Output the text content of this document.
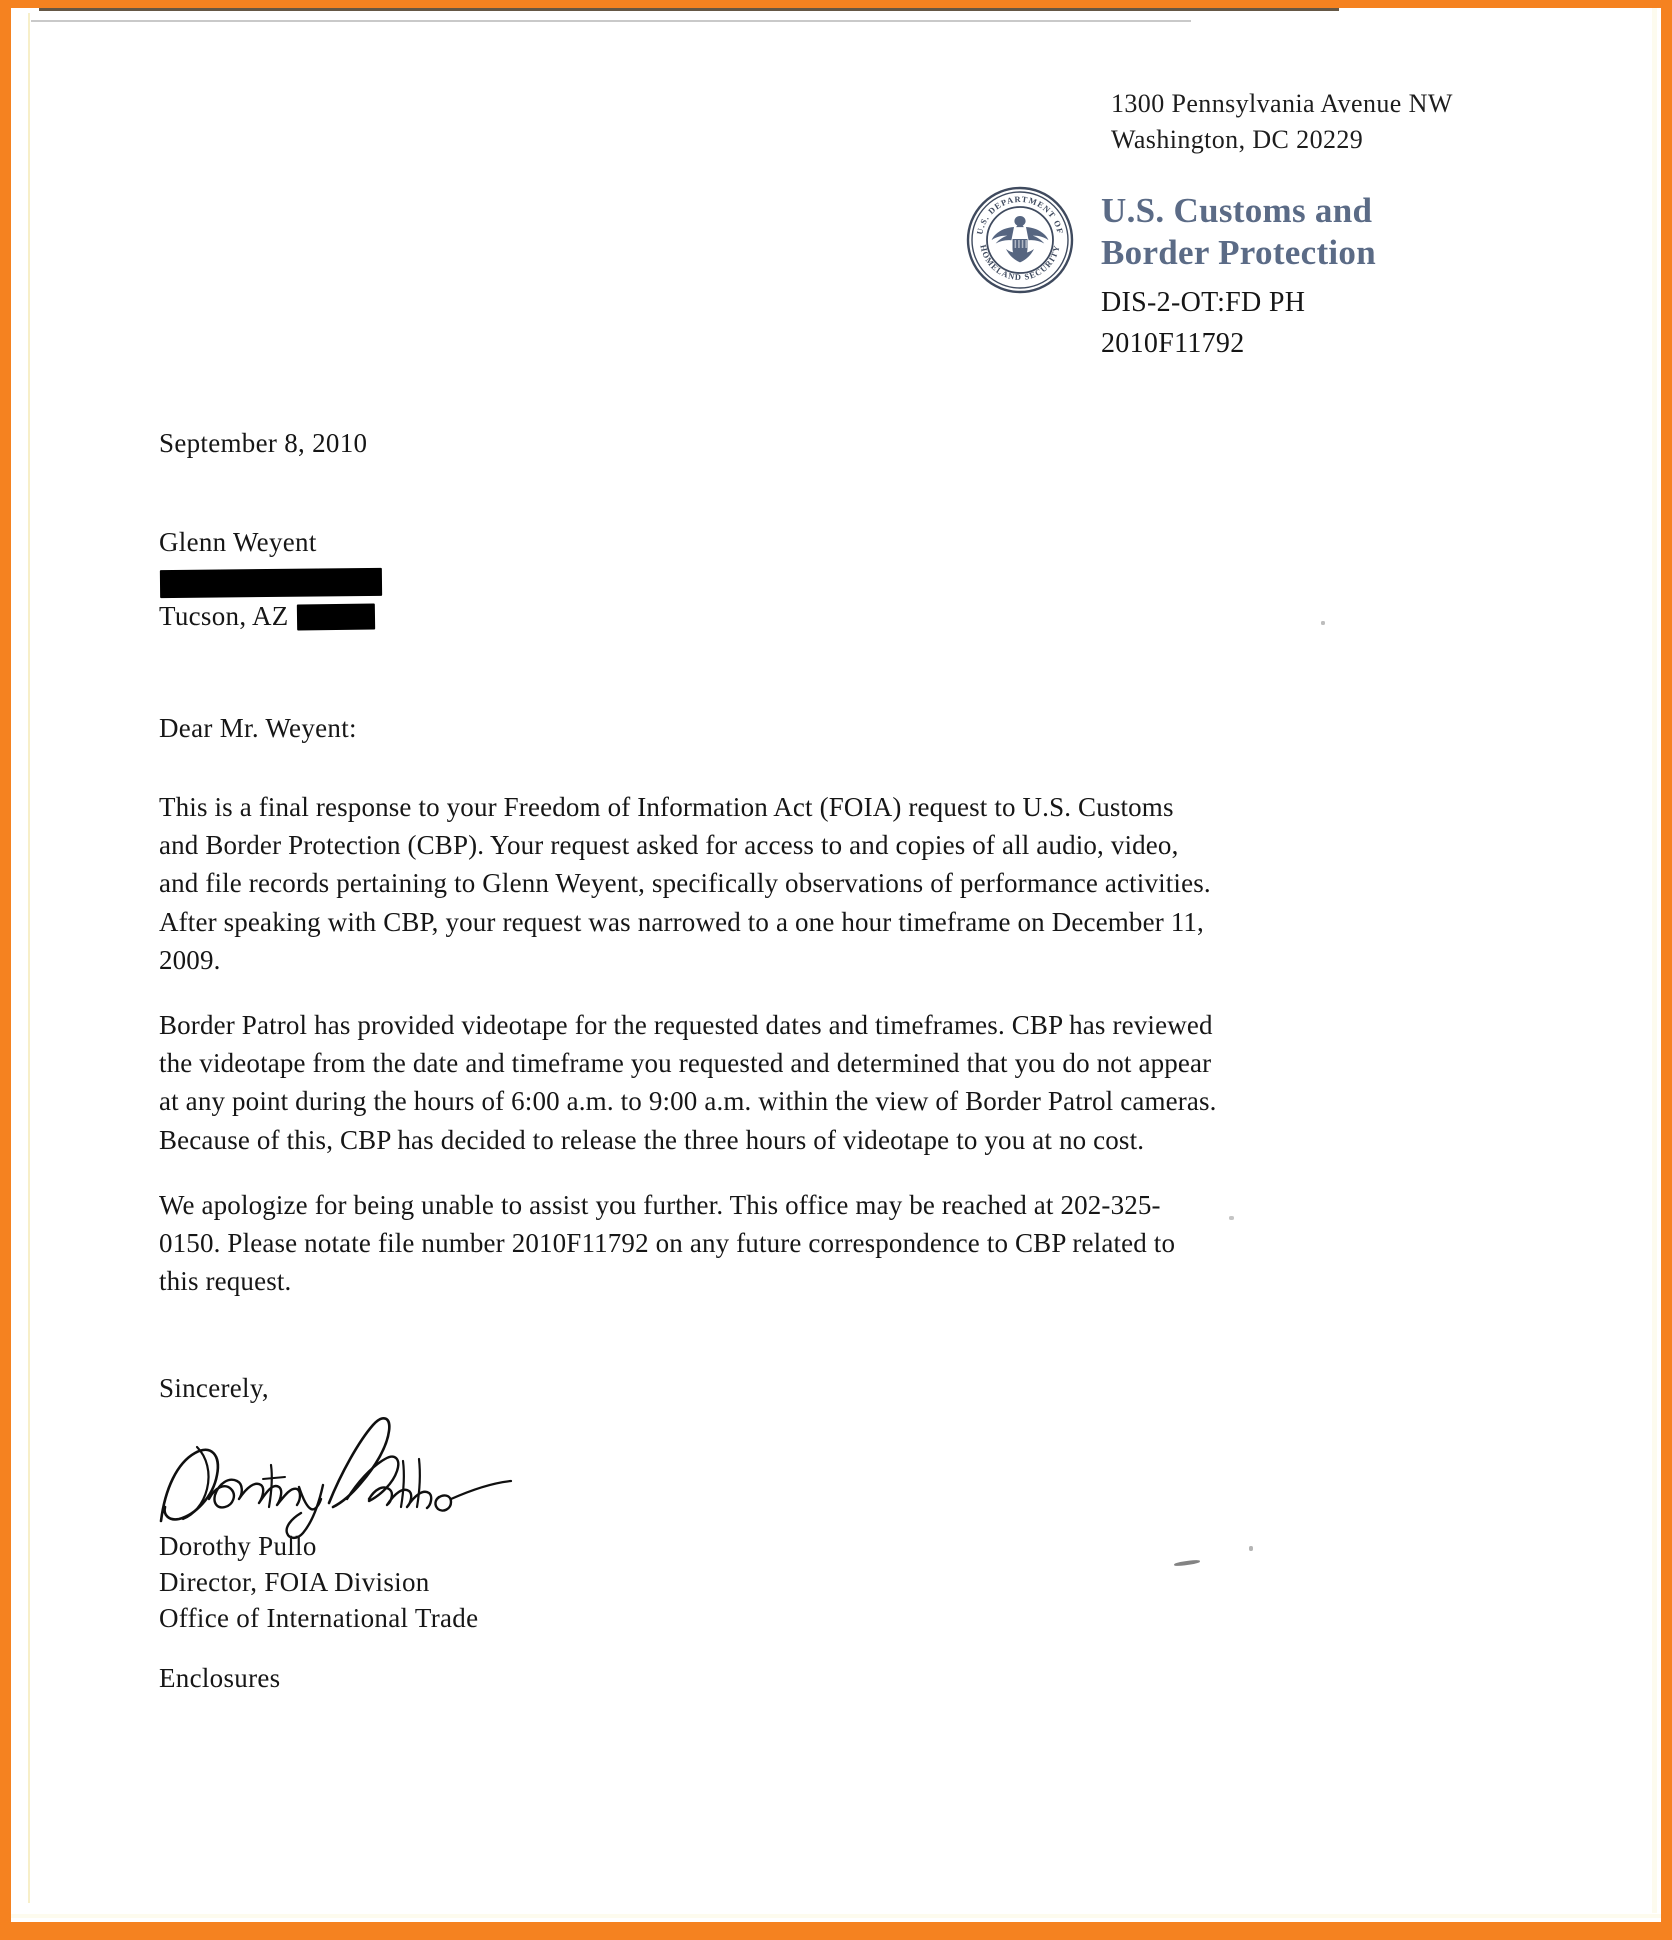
1300 Pennsylvania Avenue NW
Washington, DC 20229
U.S. DEPARTMENT OF
HOMELAND SECURITY
U.S. Customs and
Border Protection
DIS-2-OT:FD PH
2010F11792
September 8, 2010
Glenn Weyent
Tucson, AZ
Dear Mr. Weyent:

This is a final response to your Freedom of Information Act (FOIA) request to U.S. Customs and Border Protection (CBP). Your request asked for access to and copies of all audio, video, and file records pertaining to Glenn Weyent, specifically observations of performance activities. After speaking with CBP, your request was narrowed to a one hour timeframe on December 11, 2009.

Border Patrol has provided videotape for the requested dates and timeframes. CBP has reviewed the videotape from the date and timeframe you requested and determined that you do not appear at any point during the hours of 6:00 a.m. to 9:00 a.m. within the view of Border Patrol cameras. Because of this, CBP has decided to release the three hours of videotape to you at no cost.

We apologize for being unable to assist you further. This office may be reached at 202-325-0150. Please notate file number 2010F11792 on any future correspondence to CBP related to this request.

Sincerely,
Dorothy Pullo
Director, FOIA Division
Office of International Trade
Enclosures
